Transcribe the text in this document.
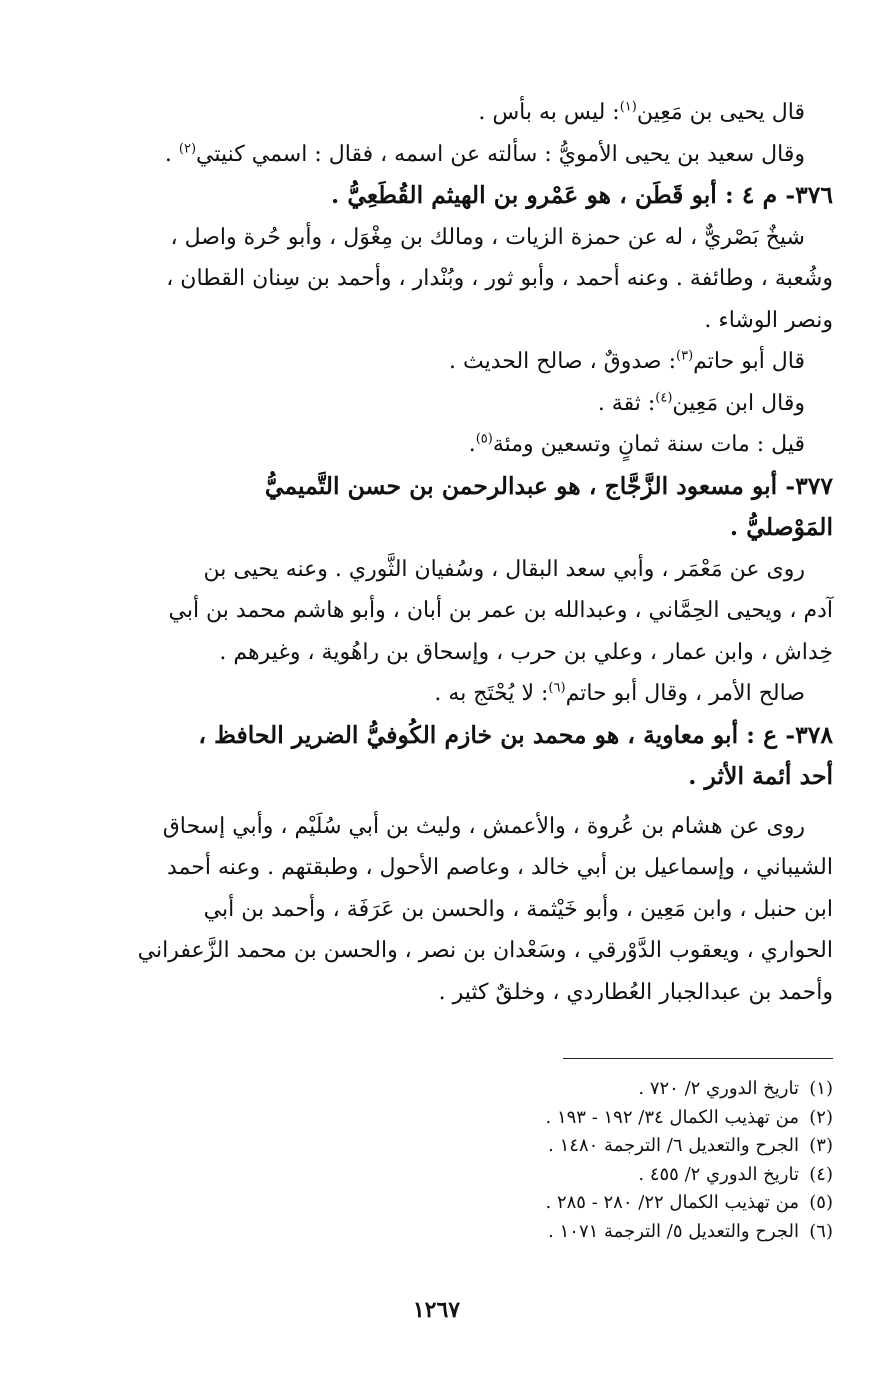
قال يحيى بن مَعِين$^{(١)}$: ليس به بأس .

وقال سعيد بن يحيى الأمويُّ : سألته عن اسمه ، فقال : اسمي كنيتي$^{(٢)}$ .

٣٧٦- م ٤ : أبو قَطَن ، هو عَمْرو بن الهيثم القُطَعِيُّ .

شيخٌ بَصْريٌّ ، له عن حمزة الزيات ، ومالك بن مِغْوَل ، وأبو حُرة واصل ،

وشُعبة ، وطائفة . وعنه أحمد ، وأبو ثور ، وبُنْدار ، وأحمد بن سِنان القطان ،

ونصر الوشاء .

قال أبو حاتم$^{(٣)}$: صدوقٌ ، صالح الحديث .

وقال ابن مَعِين$^{(٤)}$: ثقة .

قيل : مات سنة ثمانٍ وتسعين ومئة$^{(٥)}$.

٣٧٧- أبو مسعود الزَّجَّاج ، هو عبدالرحمن بن حسن التَّميميُّ

المَوْصليُّ .

روى عن مَعْمَر ، وأبي سعد البقال ، وسُفيان الثَّوري . وعنه يحيى بن

آدم ، ويحيى الحِمَّاني ، وعبدالله بن عمر بن أبان ، وأبو هاشم محمد بن أبي

خِداش ، وابن عمار ، وعلي بن حرب ، وإسحاق بن راهُوية ، وغيرهم .

صالح الأمر ، وقال أبو حاتم$^{(٦)}$: لا يُحْتَج به .

٣٧٨- ع : أبو معاوية ، هو محمد بن خازم الكُوفيُّ الضرير الحافظ ،

أحد أئمة الأثر .

روى عن هشام بن عُروة ، والأعمش ، وليث بن أبي سُلَيْم ، وأبي إسحاق

الشيباني ، وإسماعيل بن أبي خالد ، وعاصم الأحول ، وطبقتهم . وعنه أحمد

ابن حنبل ، وابن مَعِين ، وأبو خَيْثمة ، والحسن بن عَرَفَة ، وأحمد بن أبي

الحواري ، ويعقوب الدَّوْرقي ، وسَعْدان بن نصر ، والحسن بن محمد الزَّعفراني

وأحمد بن عبدالجبار العُطاردي ، وخلقٌ كثير .

(١)تاريخ الدوري ٢/ ٧٢٠ .

(٢)من تهذيب الكمال ٣٤/ ١٩٢ - ١٩٣ .

(٣)الجرح والتعديل ٦/ الترجمة ١٤٨٠ .

(٤)تاريخ الدوري ٢/ ٤٥٥ .

(٥)من تهذيب الكمال ٢٢/ ٢٨٠ - ٢٨٥ .

(٦)الجرح والتعديل ٥/ الترجمة ١٠٧١ .

١٢٦٧
